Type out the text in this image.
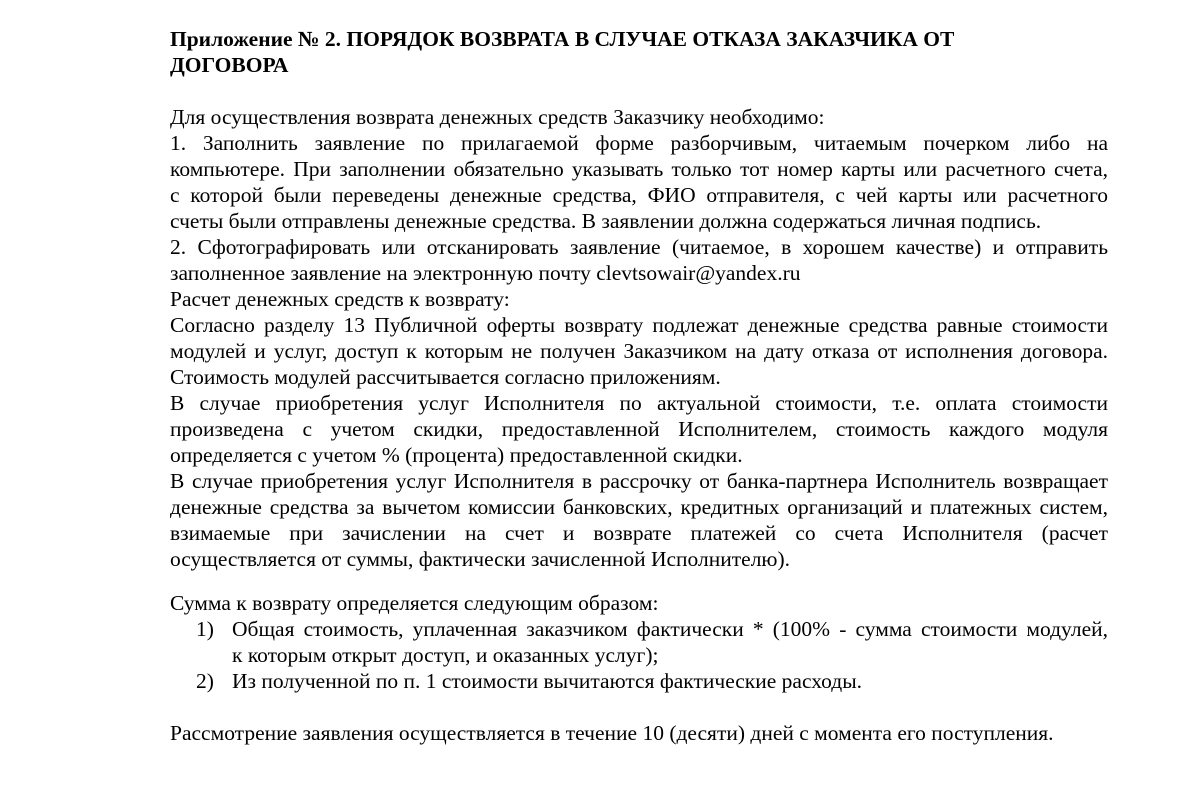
Приложение № 2. ПОРЯДОК ВОЗВРАТА В СЛУЧАЕ ОТКАЗА ЗАКАЗЧИКА ОТ
ДОГОВОРА
Для осуществления возврата денежных средств Заказчику необходимо:
1. Заполнить заявление по прилагаемой форме разборчивым, читаемым почерком либо на
компьютере. При заполнении обязательно указывать только тот номер карты или расчетного счета,
с которой были переведены денежные средства, ФИО отправителя, с чей карты или расчетного
счеты были отправлены денежные средства. В заявлении должна содержаться личная подпись.
2. Сфотографировать или отсканировать заявление (читаемое, в хорошем качестве) и отправить
заполненное заявление на электронную почту clevtsowair@yandex.ru
Расчет денежных средств к возврату:
Согласно разделу 13 Публичной оферты возврату подлежат денежные средства равные стоимости
модулей и услуг, доступ к которым не получен Заказчиком на дату отказа от исполнения договора.
Стоимость модулей рассчитывается согласно приложениям.
В случае приобретения услуг Исполнителя по актуальной стоимости, т.е. оплата стоимости
произведена с учетом скидки, предоставленной Исполнителем, стоимость каждого модуля
определяется с учетом % (процента) предоставленной скидки.
В случае приобретения услуг Исполнителя в рассрочку от банка-партнера Исполнитель возвращает
денежные средства за вычетом комиссии банковских, кредитных организаций и платежных систем,
взимаемые при зачислении на счет и возврате платежей со счета Исполнителя (расчет
осуществляется от суммы, фактически зачисленной Исполнителю).
Сумма к возврату определяется следующим образом:
1) Общая стоимость, уплаченная заказчиком фактически * (100% - сумма стоимости модулей,
к которым открыт доступ, и оказанных услуг);
2) Из полученной по п. 1 стоимости вычитаются фактические расходы.
Рассмотрение заявления осуществляется в течение 10 (десяти) дней с момента его поступления.
